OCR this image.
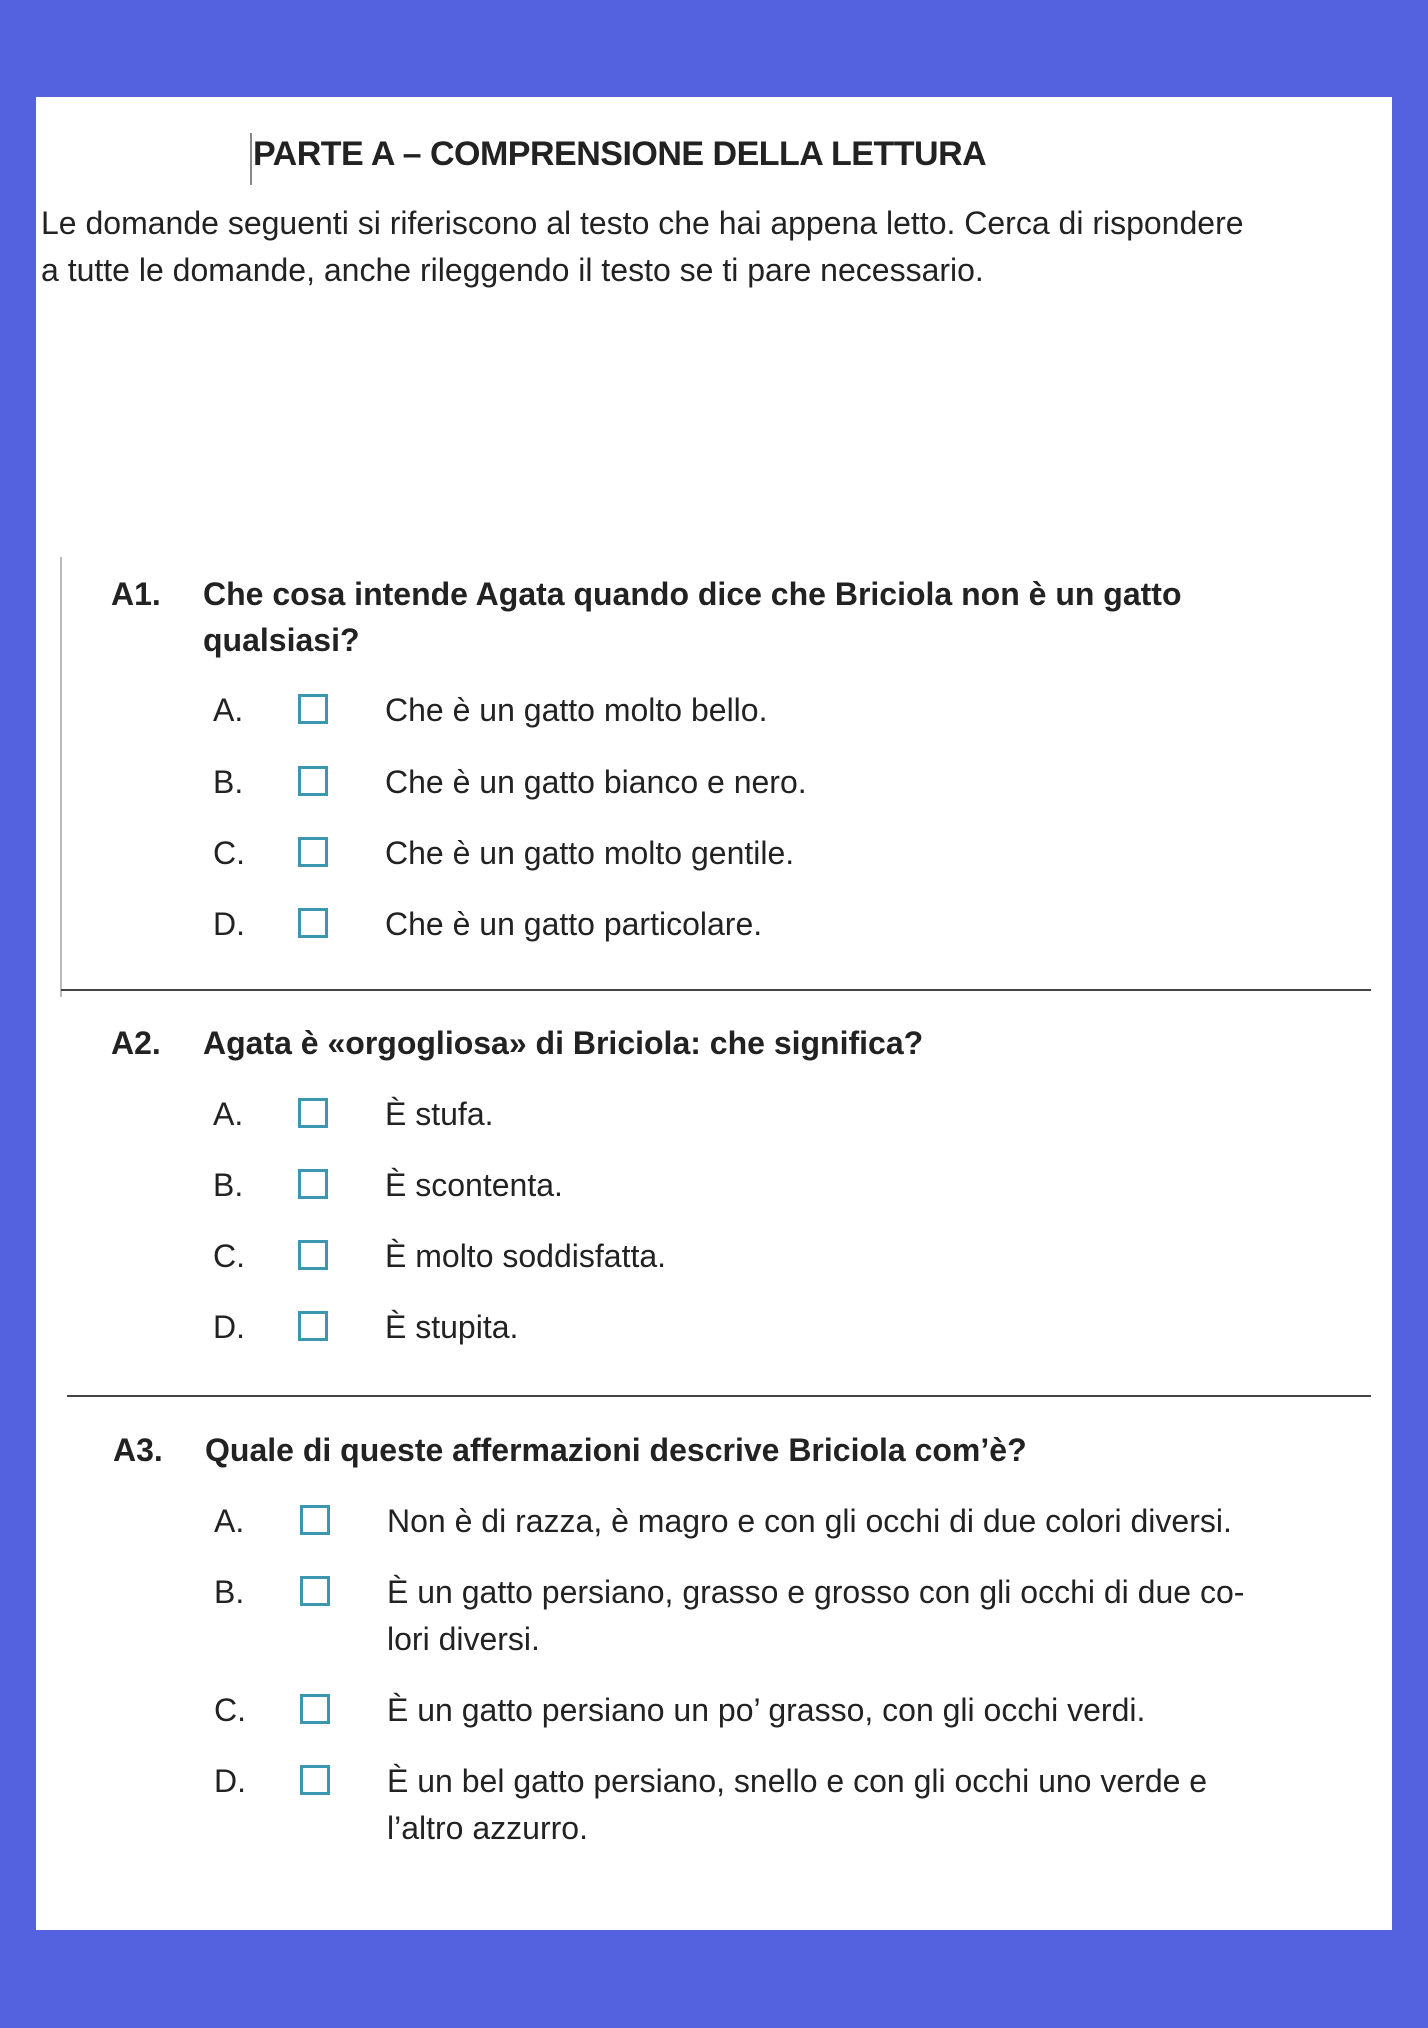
PARTE A – COMPRENSIONE DELLA LETTURA
Le domande seguenti si riferiscono al testo che hai appena letto. Cerca di rispondere
a tutte le domande, anche rileggendo il testo se ti pare necessario.
A1. Che cosa intende Agata quando dice che Briciola non è un gatto
qualsiasi?
A.	Che è un gatto molto bello.
B.	Che è un gatto bianco e nero.
C.	Che è un gatto molto gentile.
D.	Che è un gatto particolare.
A2. Agata è «orgogliosa» di Briciola: che significa?
A.	È stufa.
B.	È scontenta.
C.	È molto soddisfatta.
D.	È stupita.
A3. Quale di queste affermazioni descrive Briciola com’è?
A.	Non è di razza, è magro e con gli occhi di due colori diversi.
B.	È un gatto persiano, grasso e grosso con gli occhi di due co-
lori diversi.
C.	È un gatto persiano un po’ grasso, con gli occhi verdi.
D.	È un bel gatto persiano, snello e con gli occhi uno verde e
l’altro azzurro.
